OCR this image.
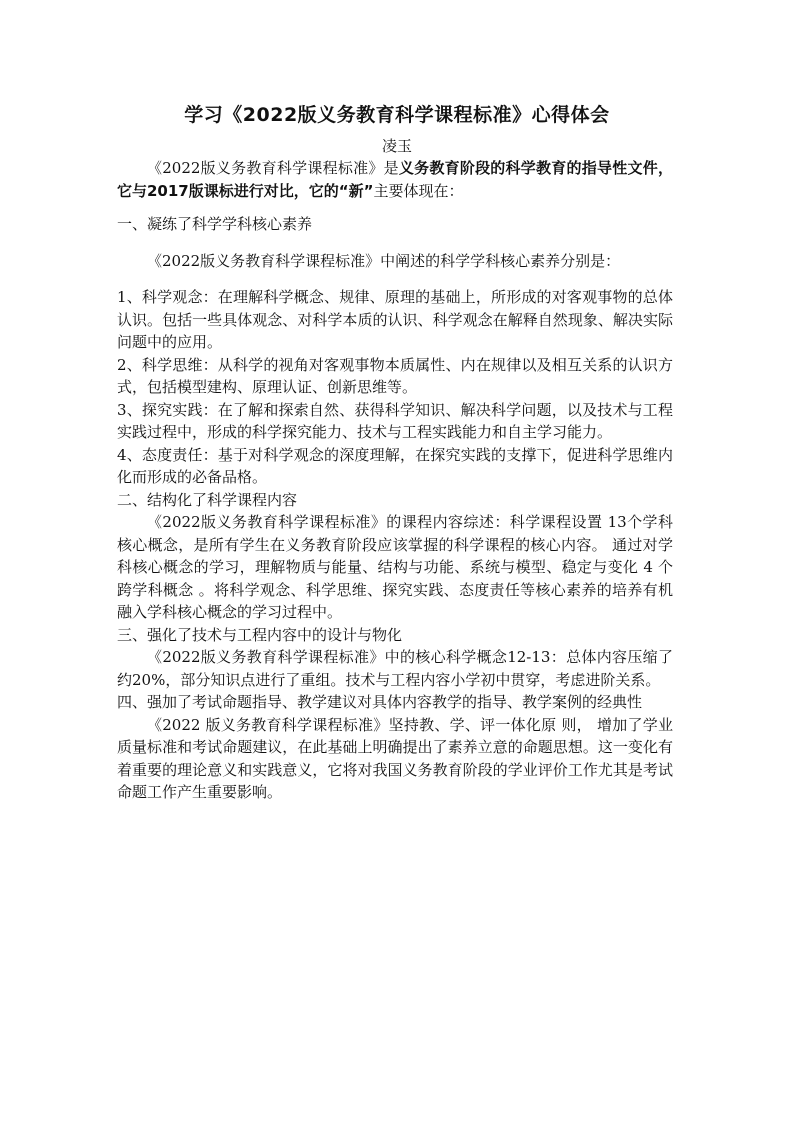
学习《2022版义务教育科学课程标准》心得体会
凌玉

《2022版义务教育科学课程标准》是义务教育阶段的科学教育的指导性文件，它与2017版课标进行对比，它的“新”主要体现在：

一、凝练了科学学科核心素养

《2022版义务教育科学课程标准》中阐述的科学学科核心素养分别是：

1、科学观念：在理解科学概念、规律、原理的基础上，所形成的对客观事物的总体认识。包括一些具体观念、对科学本质的认识、科学观念在解释自然现象、解决实际问题中的应用。

2、科学思维：从科学的视角对客观事物本质属性、内在规律以及相互关系的认识方式，包括模型建构、原理认证、创新思维等。

3、探究实践：在了解和探索自然、获得科学知识、解决科学问题，以及技术与工程实践过程中，形成的科学探究能力、技术与工程实践能力和自主学习能力。

4、态度责任：基于对科学观念的深度理解，在探究实践的支撑下，促进科学思维内化而形成的必备品格。

二、结构化了科学课程内容

《2022版义务教育科学课程标准》的课程内容综述：科学课程设置 13个学科核心概念，是所有学生在义务教育阶段应该掌握的科学课程的核心内容。 通过对学科核心概念的学习，理解物质与能量、结构与功能、系统与模型、稳定与变化 4 个跨学科概念 。将科学观念、科学思维、探究实践、态度责任等核心素养的培养有机融入学科核心概念的学习过程中。

三、强化了技术与工程内容中的设计与物化

《2022版义务教育科学课程标准》中的核心科学概念12-13：总体内容压缩了约20%，部分知识点进行了重组。技术与工程内容小学初中贯穿，考虑进阶关系。

四、强加了考试命题指导、教学建议对具体内容教学的指导、教学案例的经典性

《2022 版义务教育科学课程标准》坚持教、学、评一体化原 则， 增加了学业质量标准和考试命题建议，在此基础上明确提出了素养立意的命题思想。这一变化有着重要的理论意义和实践意义，它将对我国义务教育阶段的学业评价工作尤其是考试命题工作产生重要影响。
